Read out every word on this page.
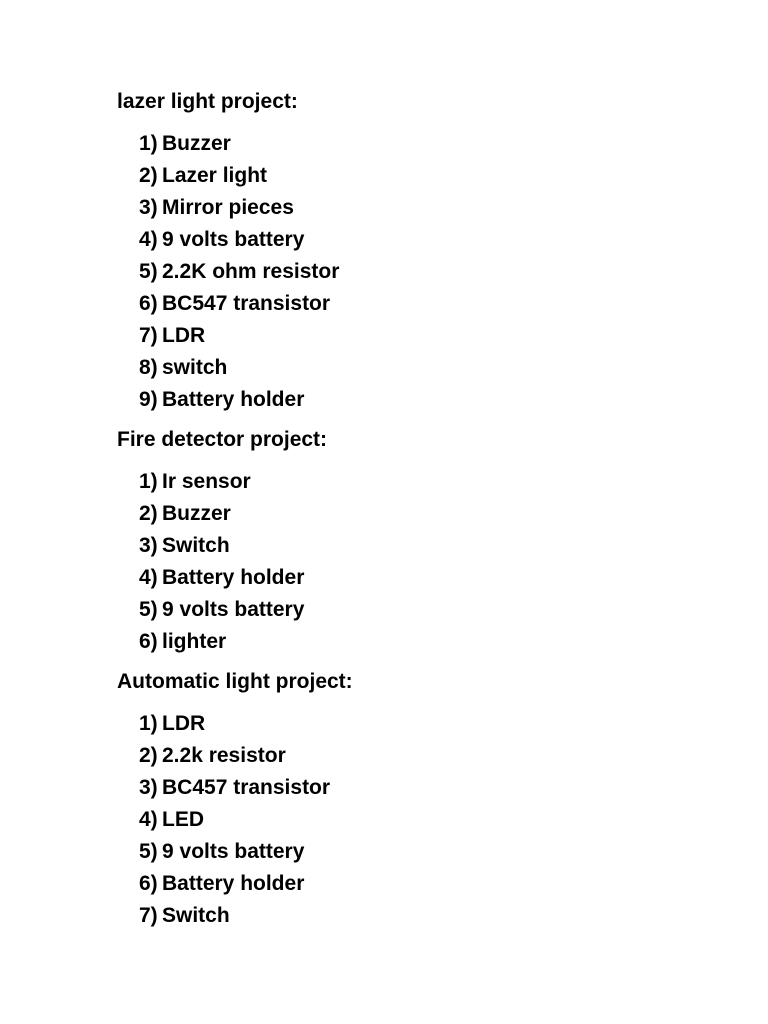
lazer light project:
1) Buzzer
2) Lazer light
3) Mirror pieces
4) 9 volts battery
5) 2.2K ohm resistor
6) BC547 transistor
7) LDR
8) switch
9) Battery holder
Fire detector project:
1) Ir sensor
2) Buzzer
3) Switch
4) Battery holder
5) 9 volts battery
6) lighter
Automatic light project:
1) LDR
2) 2.2k resistor
3) BC457 transistor
4) LED
5) 9 volts battery
6) Battery holder
7) Switch
